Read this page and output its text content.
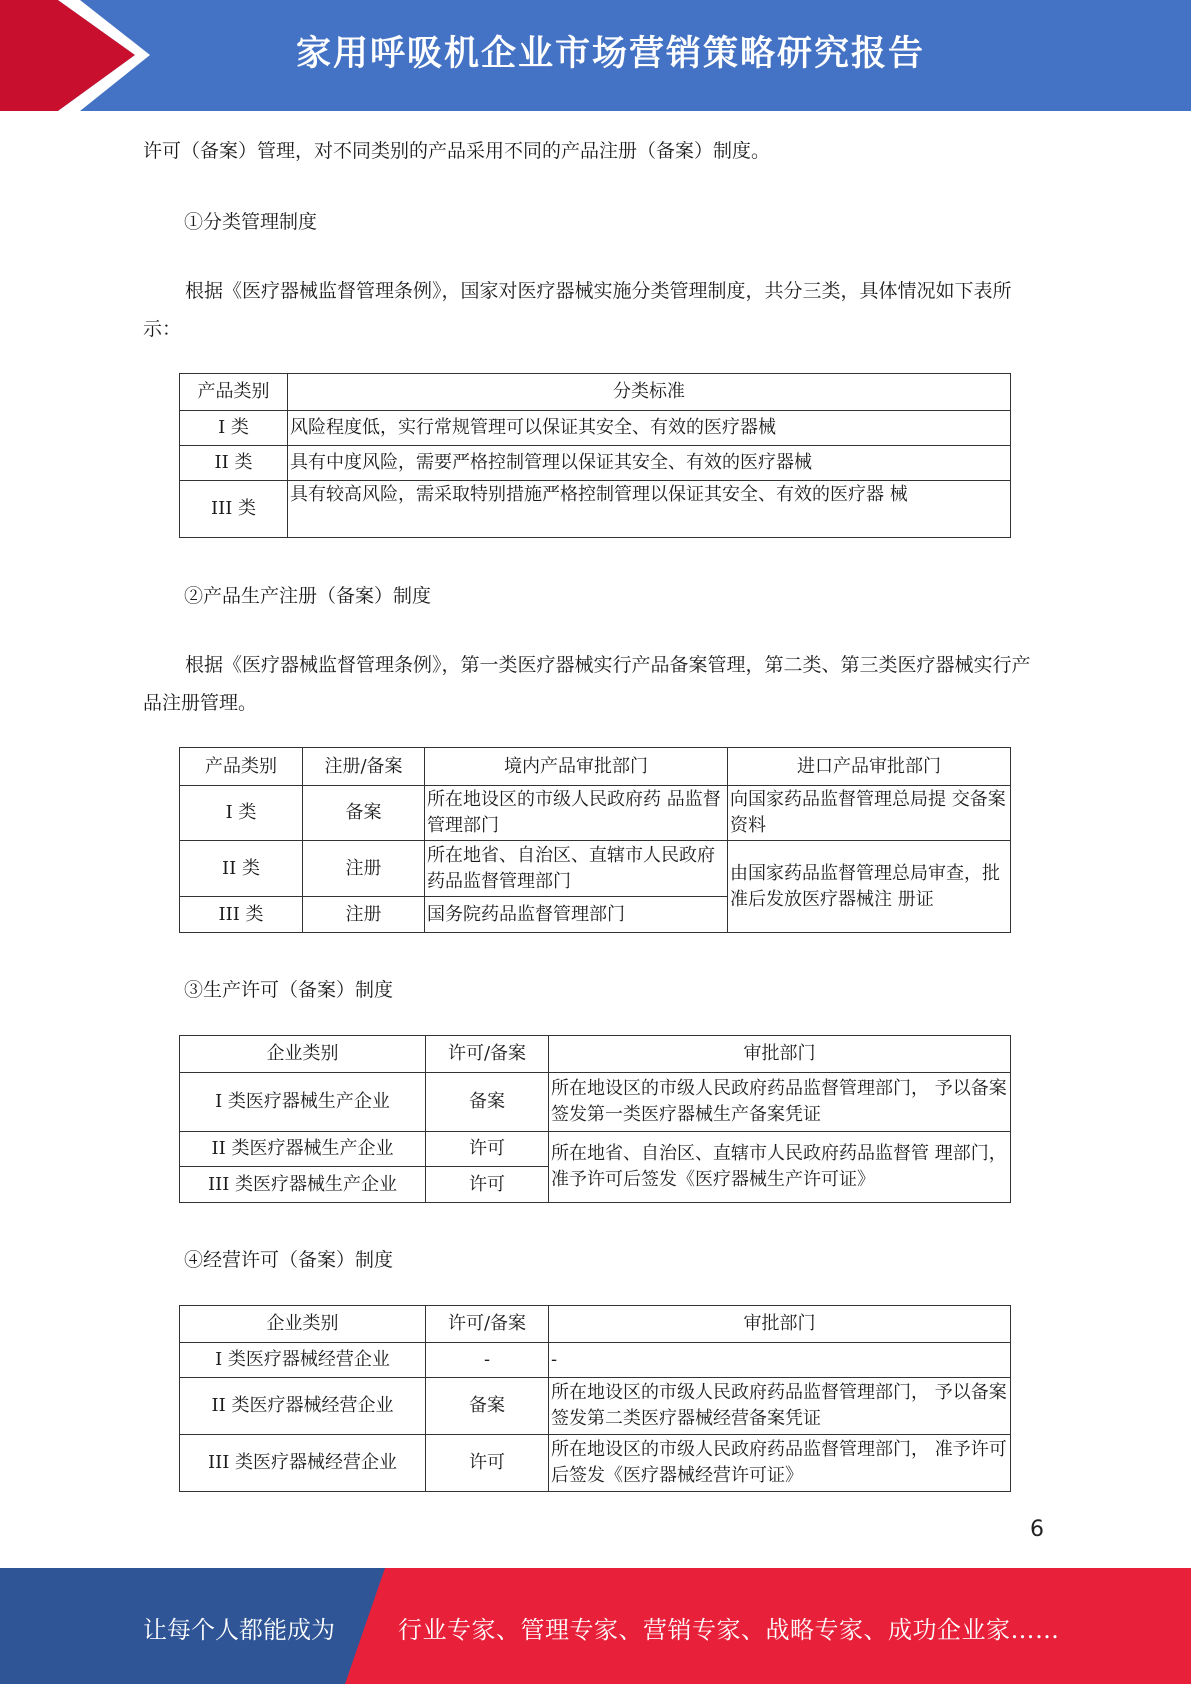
家用呼吸机企业市场营销策略研究报告
许可（备案）管理，对不同类别的产品采用不同的产品注册（备案）制度。
①分类管理制度
根据《医疗器械监督管理条例》，国家对医疗器械实施分类管理制度，共分三类，具体情况如下表所示：
产品类别	分类标准
I 类	风险程度低，实行常规管理可以保证其安全、有效的医疗器械
II 类	具有中度风险，需要严格控制管理以保证其安全、有效的医疗器械
III 类	具有较高风险，需采取特别措施严格控制管理以保证其安全、有效的医疗器 械
②产品生产注册（备案）制度
根据《医疗器械监督管理条例》，第一类医疗器械实行产品备案管理，第二类、第三类医疗器械实行产品注册管理。
产品类别	注册/备案	境内产品审批部门	进口产品审批部门
I 类	备案	所在地设区的市级人民政府药 品监督管理部门	向国家药品监督管理总局提 交备案资料
II 类	注册	所在地省、自治区、直辖市人民政府药品监督管理部门	由国家药品监督管理总局审查，批准后发放医疗器械注 册证
III 类	注册	国务院药品监督管理部门	
③生产许可（备案）制度
企业类别	许可/备案	审批部门
I 类医疗器械生产企业	备案	所在地设区的市级人民政府药品监督管理部门， 予以备案签发第一类医疗器械生产备案凭证
II 类医疗器械生产企业	许可	所在地省、自治区、直辖市人民政府药品监督管 理部门，准予许可后签发《医疗器械生产许可证》
III 类医疗器械生产企业	许可	
④经营许可（备案）制度
企业类别	许可/备案	审批部门
I 类医疗器械经营企业	-	-
II 类医疗器械经营企业	备案	所在地设区的市级人民政府药品监督管理部门， 予以备案签发第二类医疗器械经营备案凭证
III 类医疗器械经营企业	许可	所在地设区的市级人民政府药品监督管理部门， 准予许可后签发《医疗器械经营许可证》
6
让每个人都能成为	行业专家、管理专家、营销专家、战略专家、成功企业家……
